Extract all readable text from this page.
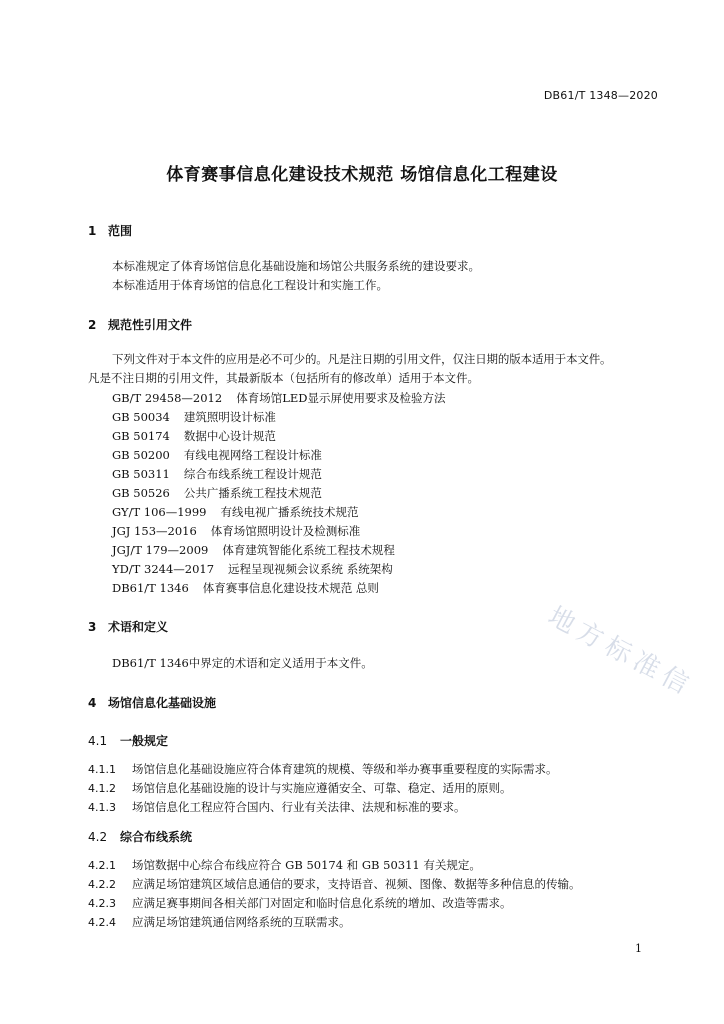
DB61/T 1348—2020
体育赛事信息化建设技术规范 场馆信息化工程建设
1 范围
本标准规定了体育场馆信息化基础设施和场馆公共服务系统的建设要求。
本标准适用于体育场馆的信息化工程设计和实施工作。
2 规范性引用文件
下列文件对于本文件的应用是必不可少的。凡是注日期的引用文件，仅注日期的版本适用于本文件。
凡是不注日期的引用文件，其最新版本（包括所有的修改单）适用于本文件。
GB/T 29458—2012 体育场馆LED显示屏使用要求及检验方法
GB 50034 建筑照明设计标准
GB 50174 数据中心设计规范
GB 50200 有线电视网络工程设计标准
GB 50311 综合布线系统工程设计规范
GB 50526 公共广播系统工程技术规范
GY/T 106—1999 有线电视广播系统技术规范
JGJ 153—2016 体育场馆照明设计及检测标准
JGJ/T 179—2009 体育建筑智能化系统工程技术规程
YD/T 3244—2017 远程呈现视频会议系统 系统架构
DB61/T 1346 体育赛事信息化建设技术规范 总则
3 术语和定义
DB61/T 1346中界定的术语和定义适用于本文件。
4 场馆信息化基础设施
4.1 一般规定
4.1.1 场馆信息化基础设施应符合体育建筑的规模、等级和举办赛事重要程度的实际需求。
4.1.2 场馆信息化基础设施的设计与实施应遵循安全、可靠、稳定、适用的原则。
4.1.3 场馆信息化工程应符合国内、行业有关法律、法规和标准的要求。
4.2 综合布线系统
4.2.1 场馆数据中心综合布线应符合 GB 50174 和 GB 50311 有关规定。
4.2.2 应满足场馆建筑区域信息通信的要求，支持语音、视频、图像、数据等多种信息的传输。
4.2.3 应满足赛事期间各相关部门对固定和临时信息化系统的增加、改造等需求。
4.2.4 应满足场馆建筑通信网络系统的互联需求。
地方标准信
1
